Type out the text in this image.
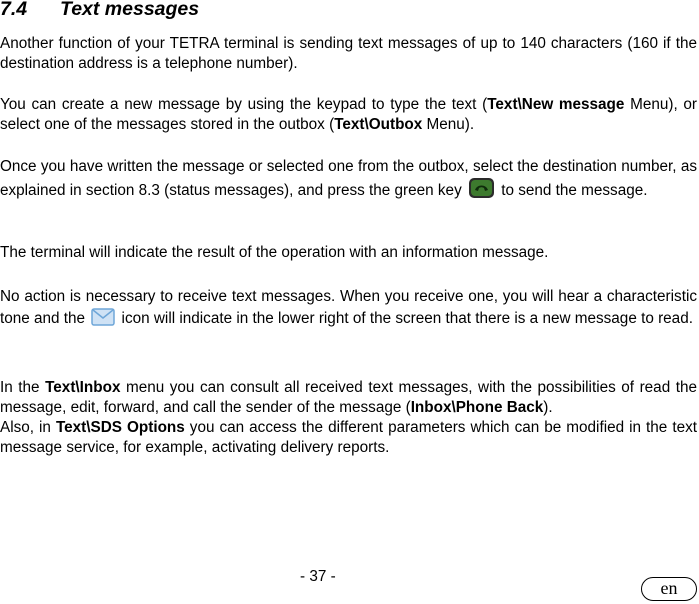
7.4 Text messages

Another function of your TETRA terminal is sending text messages of up to 140 characters (160 if the destination address is a telephone number).

You can create a new message by using the keypad to type the text (Text\New message Menu), or select one of the messages stored in the outbox (Text\Outbox Menu).

Once you have written the message or selected one from the outbox, select the destination number, as explained in section 8.3 (status messages), and press the green key  to send the message.

The terminal will indicate the result of the operation with an information message.

No action is necessary to receive text messages. When you receive one, you will hear a characteristic tone and the  icon will indicate in the lower right of the screen that there is a new message to read.

In the Text\Inbox menu you can consult all received text messages, with the possibilities of read the message, edit, forward, and call the sender of the message (Inbox\Phone Back).

Also, in Text\SDS Options you can access the different parameters which can be modified in the text message service, for example, activating delivery reports.

- 37 -
en
